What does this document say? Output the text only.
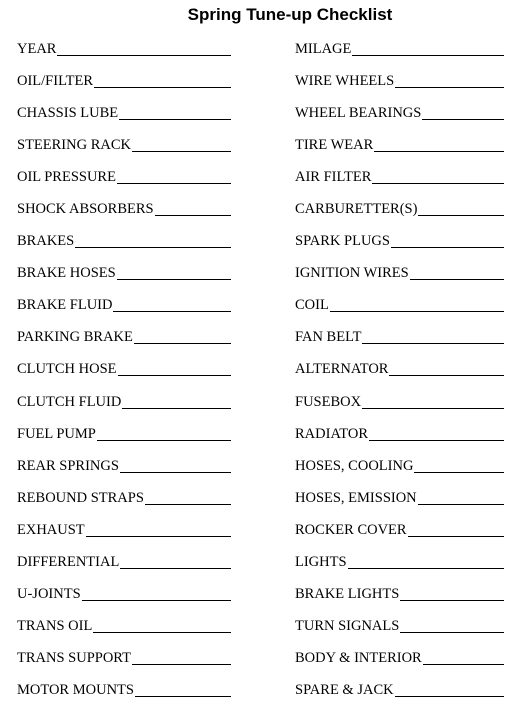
Spring Tune-up Checklist
YEAR
OIL/FILTER
CHASSIS LUBE
STEERING RACK
OIL PRESSURE
SHOCK ABSORBERS
BRAKES
BRAKE HOSES
BRAKE FLUID
PARKING BRAKE
CLUTCH HOSE
CLUTCH FLUID
FUEL PUMP
REAR SPRINGS
REBOUND STRAPS
EXHAUST
DIFFERENTIAL
U-JOINTS
TRANS OIL
TRANS SUPPORT
MOTOR MOUNTS
MILAGE
WIRE WHEELS
WHEEL BEARINGS
TIRE WEAR
AIR FILTER
CARBURETTER(S)
SPARK PLUGS
IGNITION WIRES
COIL
FAN BELT
ALTERNATOR
FUSEBOX
RADIATOR
HOSES, COOLING
HOSES, EMISSION
ROCKER COVER
LIGHTS
BRAKE LIGHTS
TURN SIGNALS
BODY & INTERIOR
SPARE & JACK
